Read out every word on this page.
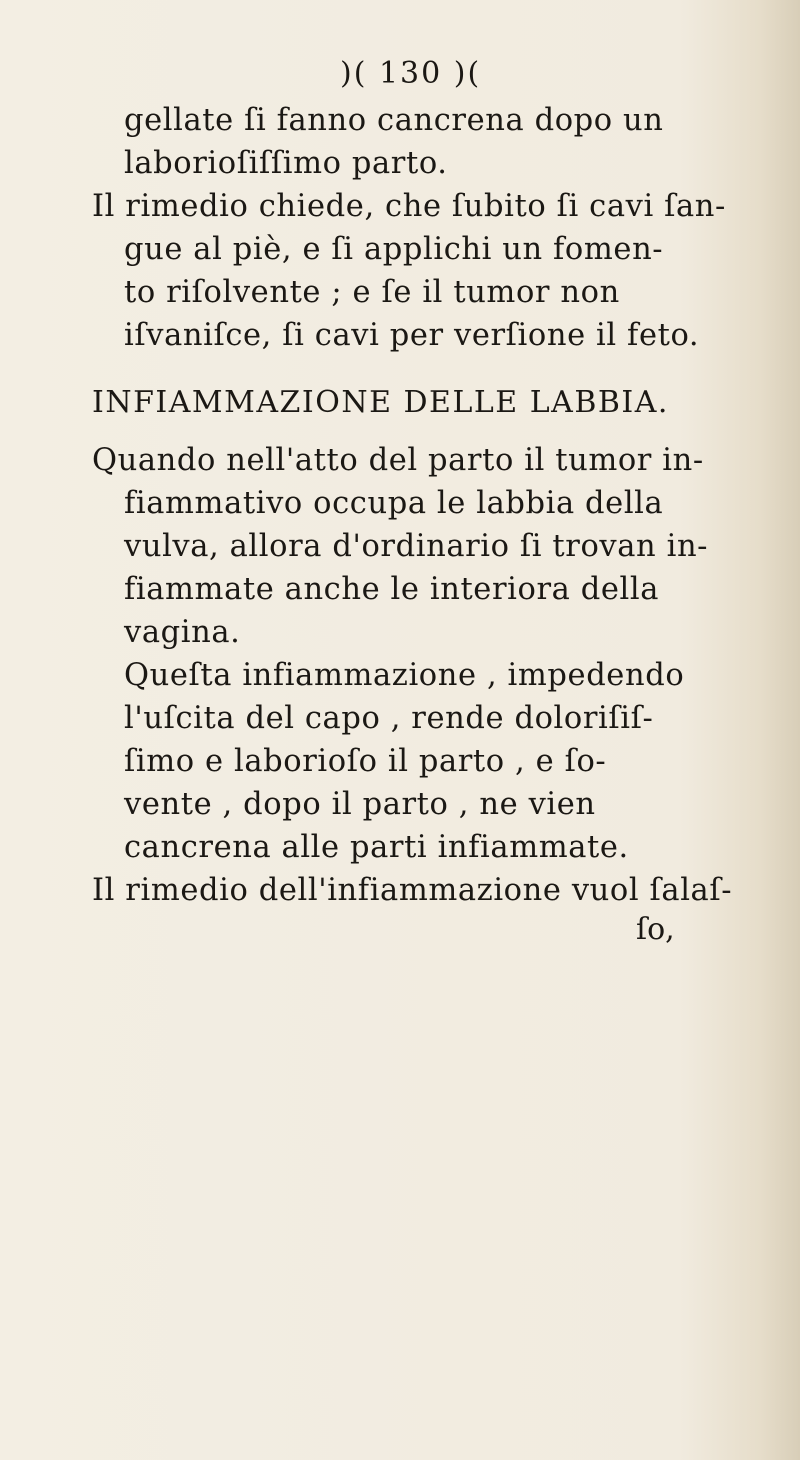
)( 130 )(
gellate ſi fanno cancrena dopo un
laborioſiſſimo parto.
Il rimedio chiede, che ſubito ſi cavi ſan-
gue al piè, e ſi applichi un fomen-
to riſolvente ; e ſe il tumor non
iſvaniſce, ſi cavi per verſione il feto.
INFIAMMAZIONE DELLE LABBIA.
Quando nell'atto del parto il tumor in-
fiammativo occupa le labbia della
vulva, allora d'ordinario ſi trovan in-
fiammate anche le interiora della
vagina.
Queſta infiammazione , impedendo
l'uſcita del capo , rende doloriſiſ-
ſimo e laborioſo il parto , e ſo-
vente , dopo il parto , ne vien
cancrena alle parti infiammate.
Il rimedio dell'infiammazione vuol ſalaſ-
ſo,
